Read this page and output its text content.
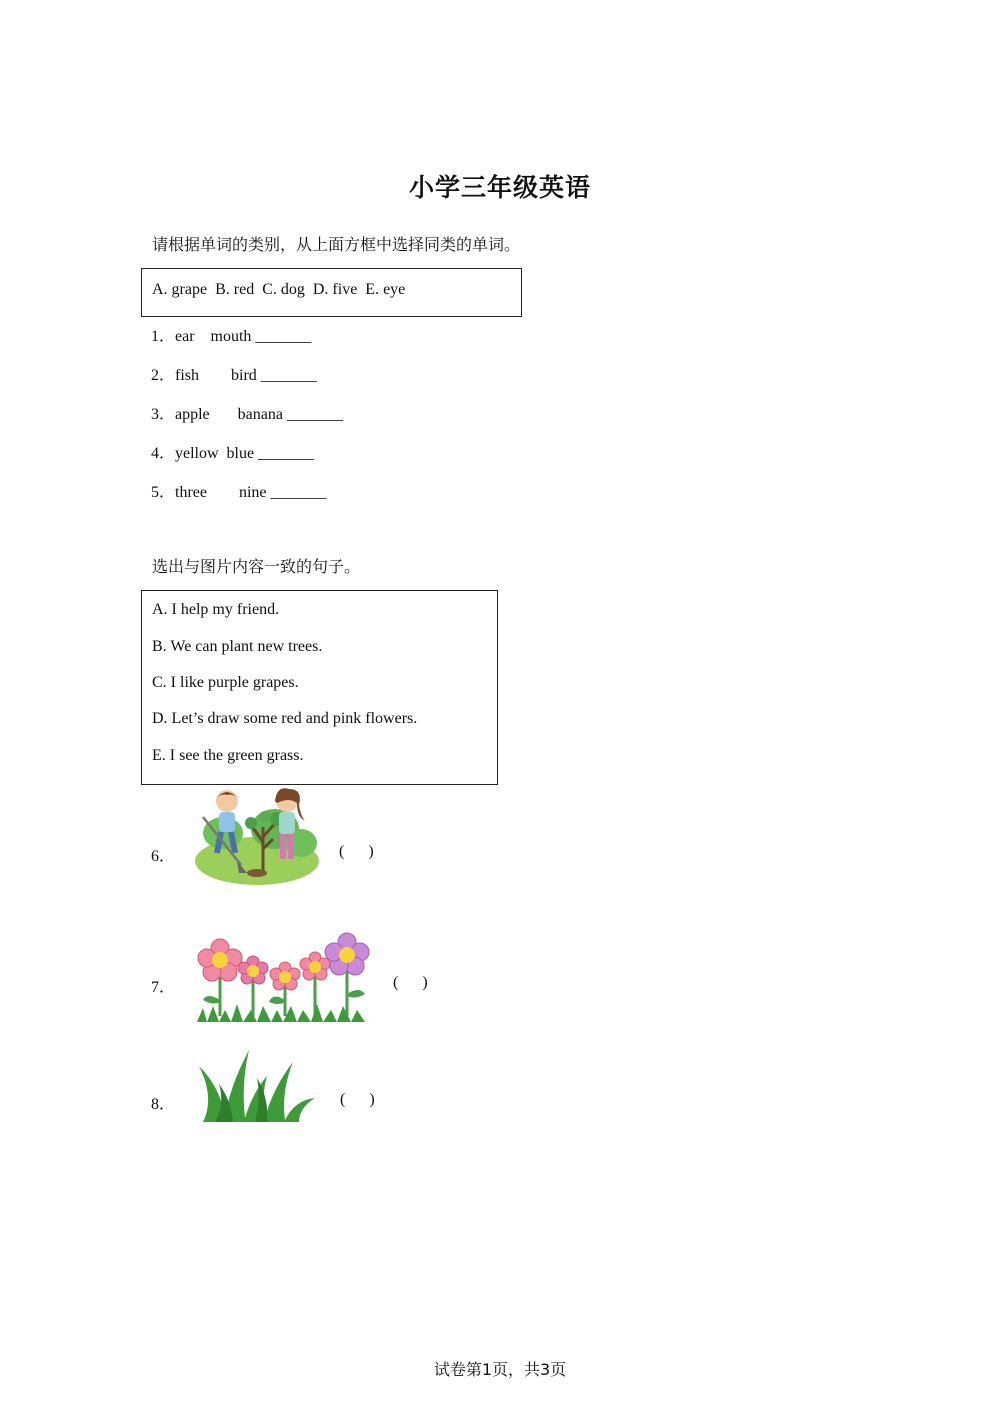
小学三年级英语
请根据单词的类别，从上面方框中选择同类的单词。
A. grape  B. red  C. dog  D. five  E. eye
1．ear    mouth _______
2．fish        bird _______
3．apple       banana _______
4．yellow  blue _______
5．three        nine _______
选出与图片内容一致的句子。
A. I help my friend.
B. We can plant new trees.
C. I like purple grapes.
D. Let’s draw some red and pink flowers.
E. I see the green grass.
6．	(      )
7．	(      )
8．	(      )
试卷第1页，共3页
